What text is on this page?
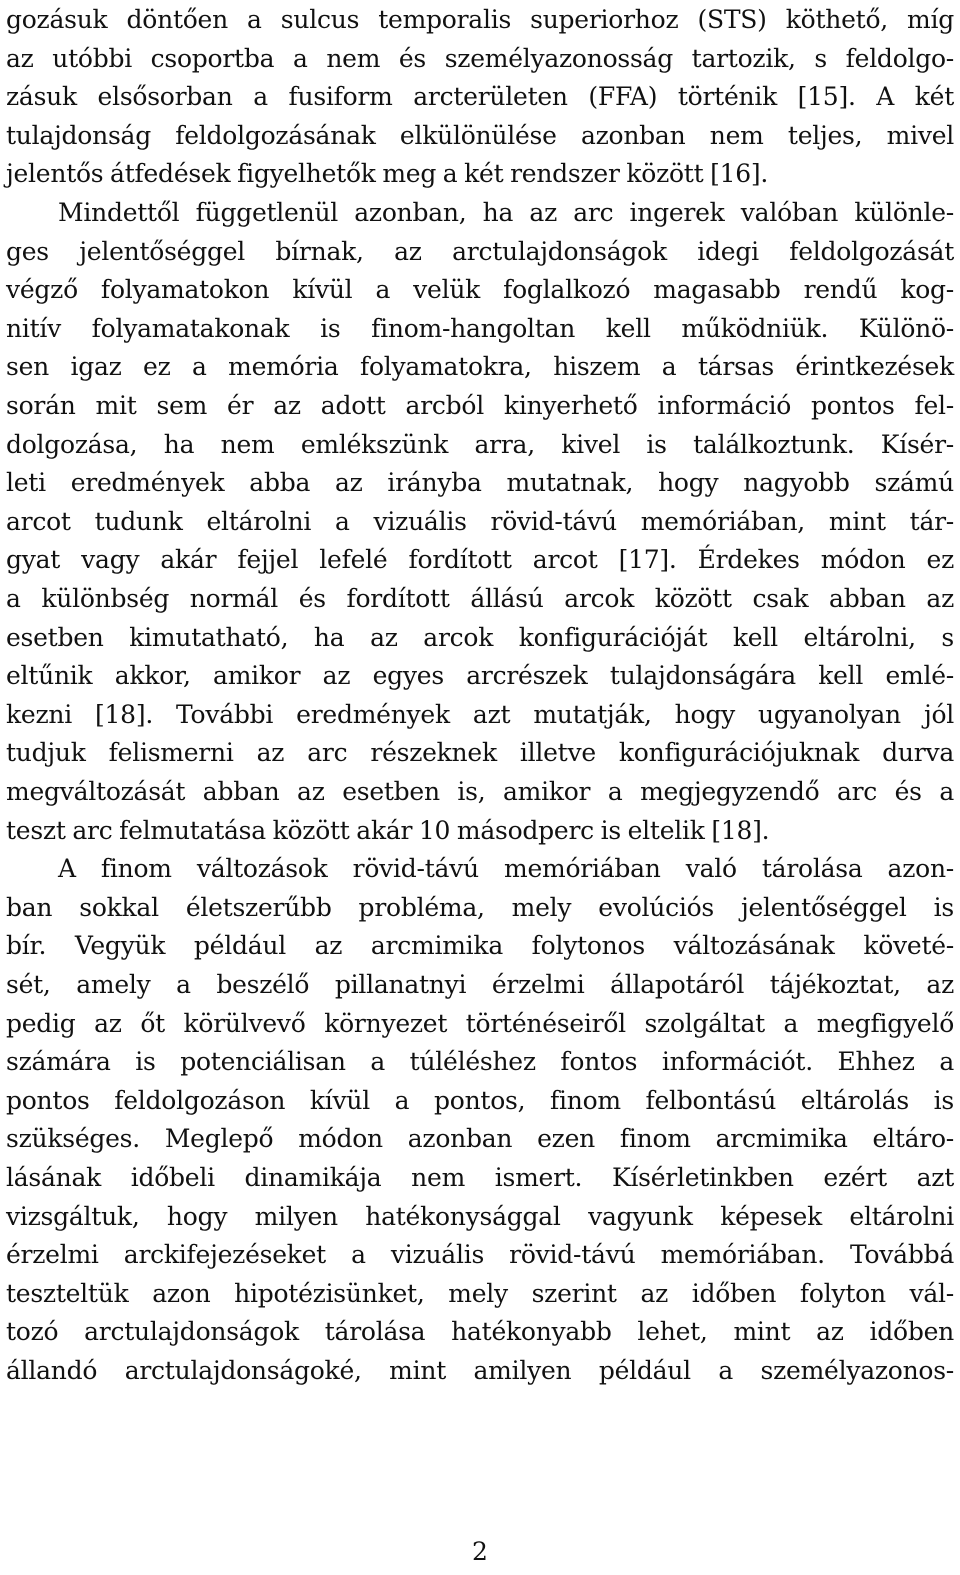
gozásuk döntően a sulcus temporalis superiorhoz (STS) köthető, míg
az utóbbi csoportba a nem és személyazonosság tartozik, s feldolgo-
zásuk elsősorban a fusiform arcterületen (FFA) történik [15]. A két
tulajdonság feldolgozásának elkülönülése azonban nem teljes, mivel
jelentős átfedések figyelhetők meg a két rendszer között [16].
Mindettől függetlenül azonban, ha az arc ingerek valóban különle-
ges jelentőséggel bírnak, az arctulajdonságok idegi feldolgozását
végző folyamatokon kívül a velük foglalkozó magasabb rendű kog-
nitív folyamatakonak is finom-hangoltan kell működniük. Különö-
sen igaz ez a memória folyamatokra, hiszem a társas érintkezések
során mit sem ér az adott arcból kinyerhető információ pontos fel-
dolgozása, ha nem emlékszünk arra, kivel is találkoztunk. Kísér-
leti eredmények abba az irányba mutatnak, hogy nagyobb számú
arcot tudunk eltárolni a vizuális rövid-távú memóriában, mint tár-
gyat vagy akár fejjel lefelé fordított arcot [17]. Érdekes módon ez
a különbség normál és fordított állású arcok között csak abban az
esetben kimutatható, ha az arcok konfigurációját kell eltárolni, s
eltűnik akkor, amikor az egyes arcrészek tulajdonságára kell emlé-
kezni [18]. További eredmények azt mutatják, hogy ugyanolyan jól
tudjuk felismerni az arc részeknek illetve konfigurációjuknak durva
megváltozását abban az esetben is, amikor a megjegyzendő arc és a
teszt arc felmutatása között akár 10 másodperc is eltelik [18].
A finom változások rövid-távú memóriában való tárolása azon-
ban sokkal életszerűbb probléma, mely evolúciós jelentőséggel is
bír. Vegyük például az arcmimika folytonos változásának követé-
sét, amely a beszélő pillanatnyi érzelmi állapotáról tájékoztat, az
pedig az őt körülvevő környezet történéseiről szolgáltat a megfigyelő
számára is potenciálisan a túléléshez fontos információt. Ehhez a
pontos feldolgozáson kívül a pontos, finom felbontású eltárolás is
szükséges. Meglepő módon azonban ezen finom arcmimika eltáro-
lásának időbeli dinamikája nem ismert. Kísérletinkben ezért azt
vizsgáltuk, hogy milyen hatékonysággal vagyunk képesek eltárolni
érzelmi arckifejezéseket a vizuális rövid-távú memóriában. Továbbá
teszteltük azon hipotézisünket, mely szerint az időben folyton vál-
tozó arctulajdonságok tárolása hatékonyabb lehet, mint az időben
állandó arctulajdonságoké, mint amilyen például a személyazonos-
2
